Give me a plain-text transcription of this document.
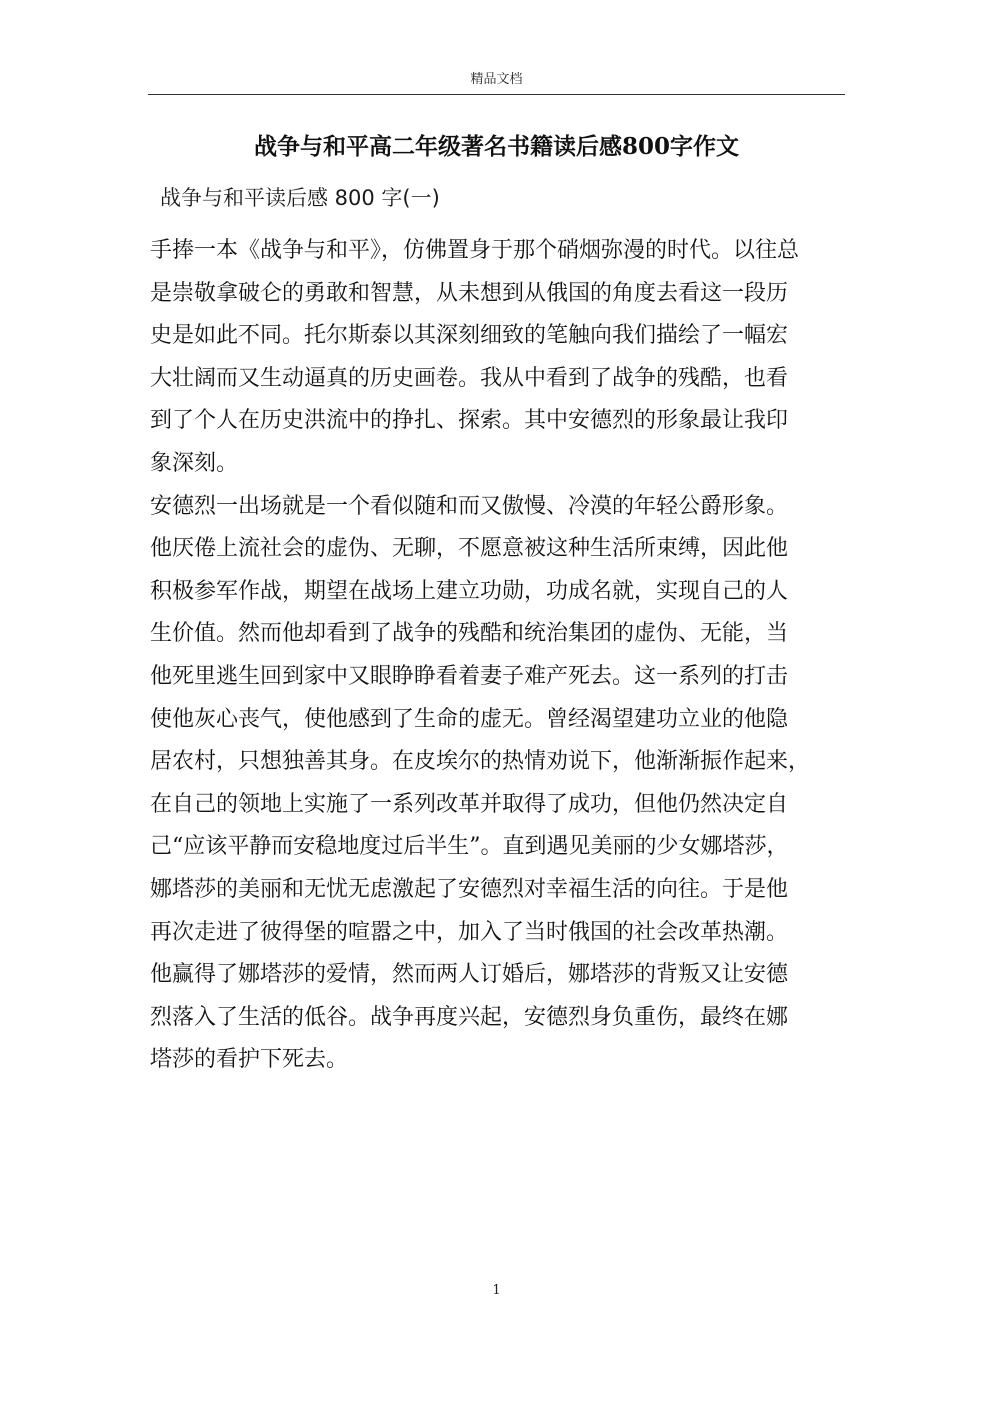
精品文档
战争与和平高二年级著名书籍读后感800字作文
战争与和平读后感 800 字(一)
手捧一本《战争与和平》，仿佛置身于那个硝烟弥漫的时代。以往总
是崇敬拿破仑的勇敢和智慧，从未想到从俄国的角度去看这一段历
史是如此不同。托尔斯泰以其深刻细致的笔触向我们描绘了一幅宏
大壮阔而又生动逼真的历史画卷。我从中看到了战争的残酷，也看
到了个人在历史洪流中的挣扎、探索。其中安德烈的形象最让我印
象深刻。
安德烈一出场就是一个看似随和而又傲慢、冷漠的年轻公爵形象。
他厌倦上流社会的虚伪、无聊，不愿意被这种生活所束缚，因此他
积极参军作战，期望在战场上建立功勋，功成名就，实现自己的人
生价值。然而他却看到了战争的残酷和统治集团的虚伪、无能，当
他死里逃生回到家中又眼睁睁看着妻子难产死去。这一系列的打击
使他灰心丧气，使他感到了生命的虚无。曾经渴望建功立业的他隐
居农村，只想独善其身。在皮埃尔的热情劝说下，他渐渐振作起来，
在自己的领地上实施了一系列改革并取得了成功，但他仍然决定自
己“应该平静而安稳地度过后半生”。直到遇见美丽的少女娜塔莎，
娜塔莎的美丽和无忧无虑激起了安德烈对幸福生活的向往。于是他
再次走进了彼得堡的喧嚣之中，加入了当时俄国的社会改革热潮。
他赢得了娜塔莎的爱情，然而两人订婚后，娜塔莎的背叛又让安德
烈落入了生活的低谷。战争再度兴起，安德烈身负重伤，最终在娜
塔莎的看护下死去。
1
